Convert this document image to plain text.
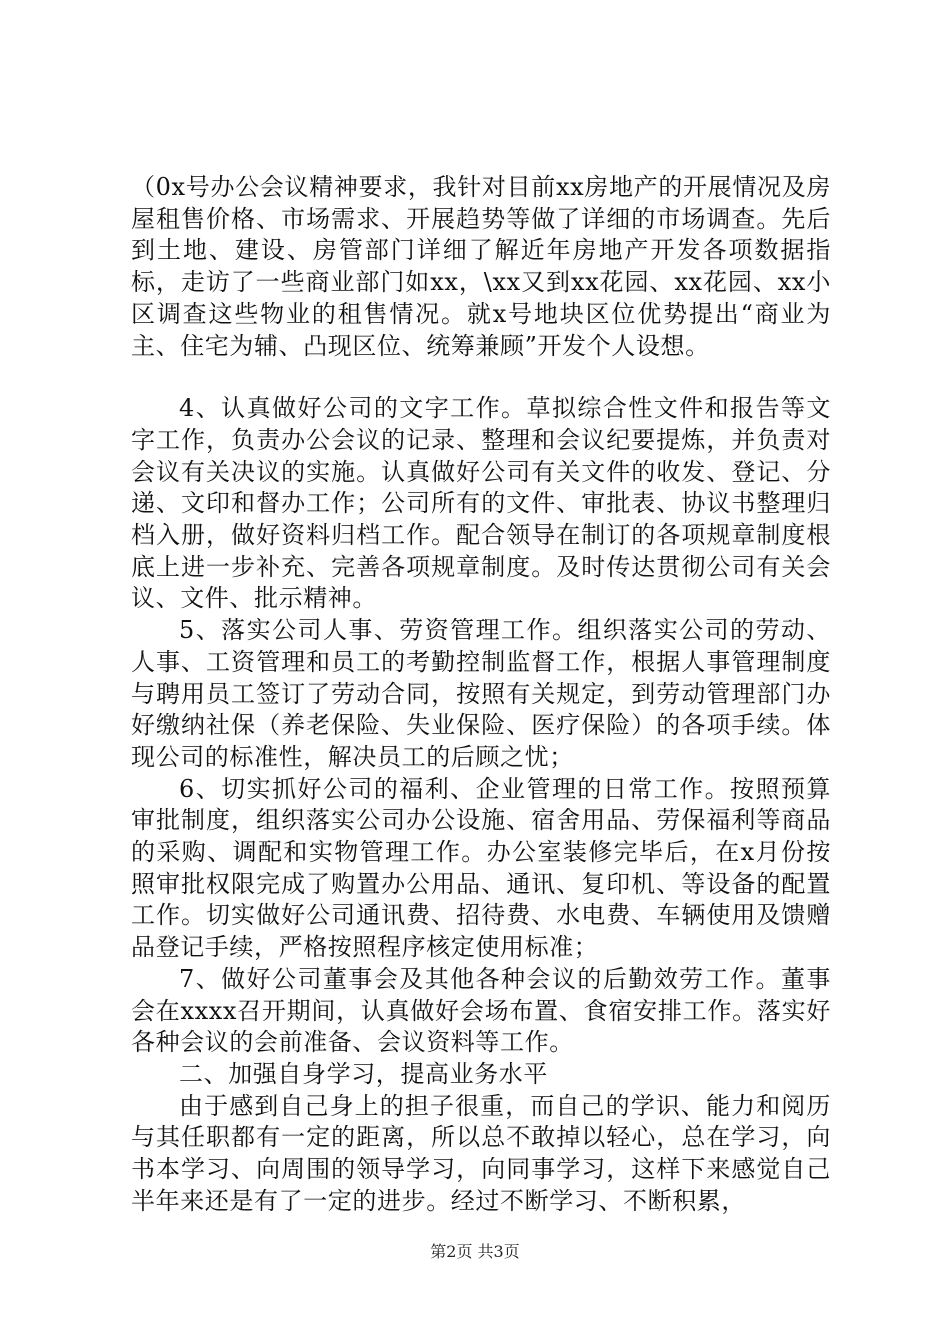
（0x号办公会议精神要求，我针对目前xx房地产的开展情况及房屋租售价格、市场需求、开展趋势等做了详细的市场调查。先后到土地、建设、房管部门详细了解近年房地产开发各项数据指标，走访了一些商业部门如xx，\xx又到xx花园、xx花园、xx小区调查这些物业的租售情况。就x号地块区位优势提出“商业为主、住宅为辅、凸现区位、统筹兼顾”开发个人设想。

4、认真做好公司的文字工作。草拟综合性文件和报告等文字工作，负责办公会议的记录、整理和会议纪要提炼，并负责对会议有关决议的实施。认真做好公司有关文件的收发、登记、分递、文印和督办工作；公司所有的文件、审批表、协议书整理归档入册，做好资料归档工作。配合领导在制订的各项规章制度根底上进一步补充、完善各项规章制度。及时传达贯彻公司有关会议、文件、批示精神。

5、落实公司人事、劳资管理工作。组织落实公司的劳动、人事、工资管理和员工的考勤控制监督工作，根据人事管理制度与聘用员工签订了劳动合同，按照有关规定，到劳动管理部门办好缴纳社保（养老保险、失业保险、医疗保险）的各项手续。体现公司的标准性，解决员工的后顾之忧；

6、切实抓好公司的福利、企业管理的日常工作。按照预算审批制度，组织落实公司办公设施、宿舍用品、劳保福利等商品的采购、调配和实物管理工作。办公室装修完毕后，在x月份按照审批权限完成了购置办公用品、通讯、复印机、等设备的配置工作。切实做好公司通讯费、招待费、水电费、车辆使用及馈赠品登记手续，严格按照程序核定使用标准；

7、做好公司董事会及其他各种会议的后勤效劳工作。董事会在xxxx召开期间，认真做好会场布置、食宿安排工作。落实好各种会议的会前准备、会议资料等工作。

二、加强自身学习，提高业务水平

由于感到自己身上的担子很重，而自己的学识、能力和阅历与其任职都有一定的距离，所以总不敢掉以轻心，总在学习，向书本学习、向周围的领导学习，向同事学习，这样下来感觉自己半年来还是有了一定的进步。经过不断学习、不断积累，

第2页 共3页
